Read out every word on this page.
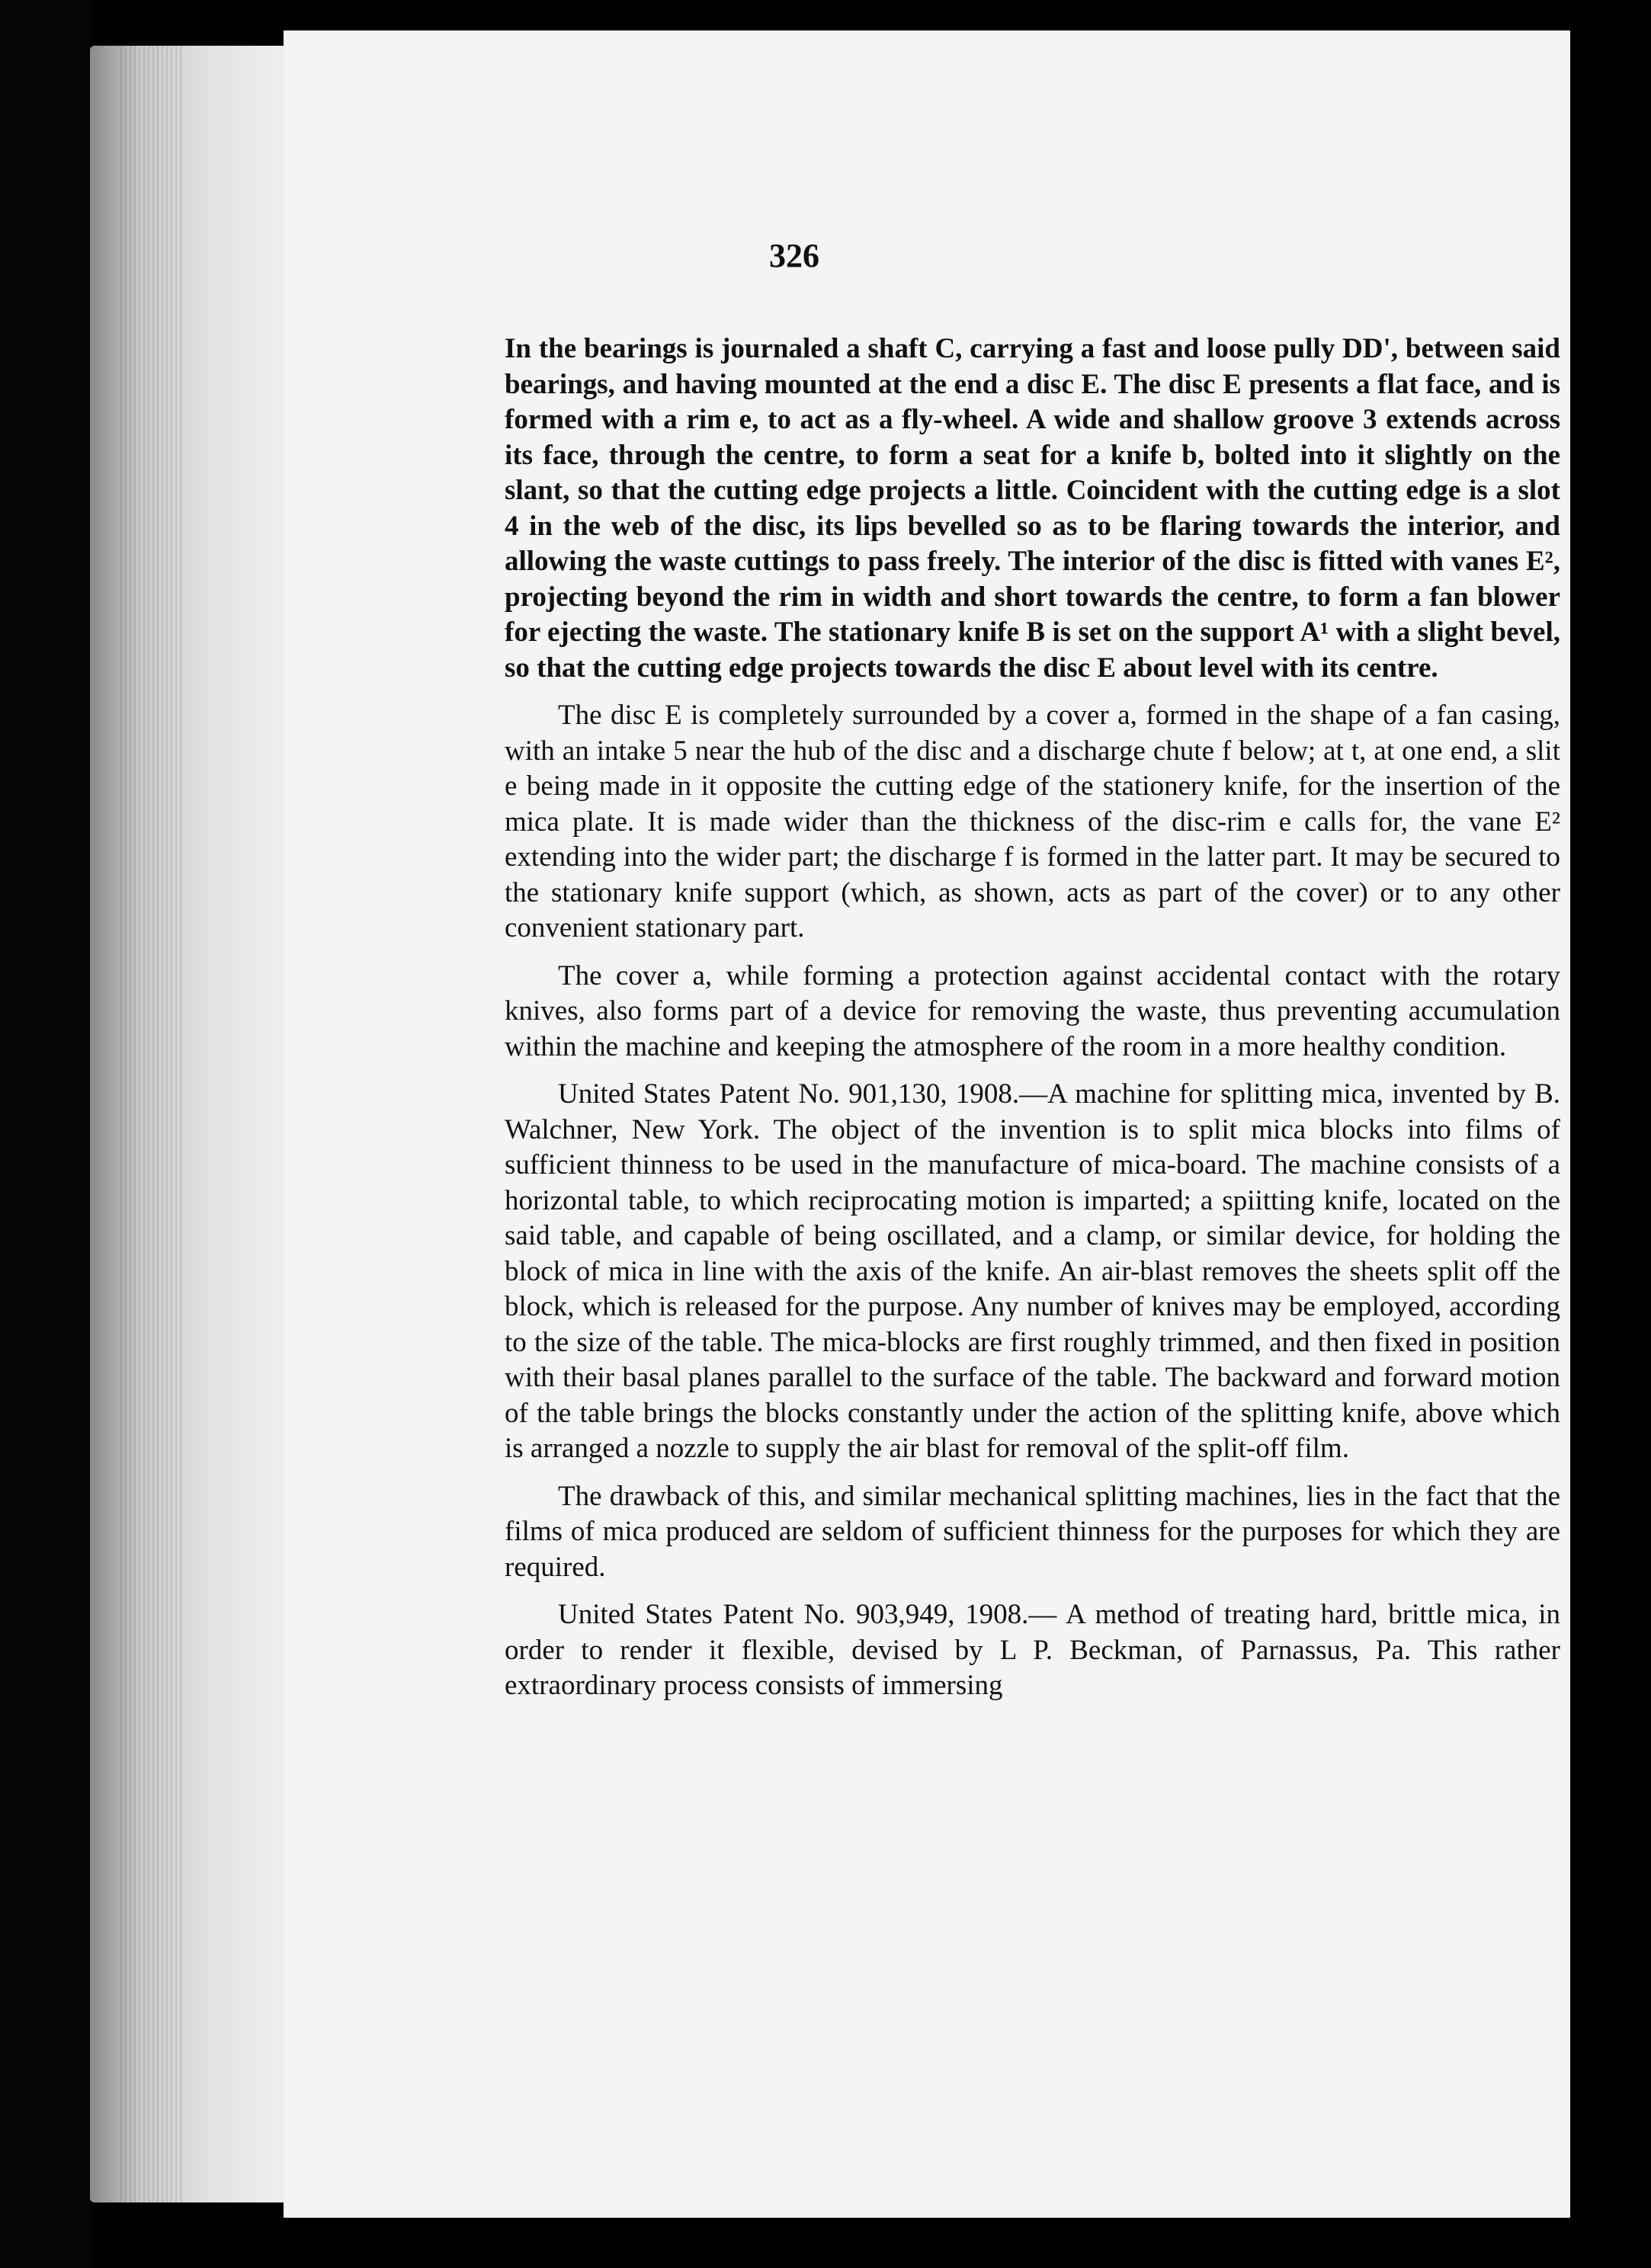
326

In the bearings is journaled a shaft C, carrying a fast and loose pully DD', between said bearings, and having mounted at the end a disc E. The disc E presents a flat face, and is formed with a rim e, to act as a fly-wheel. A wide and shallow groove 3 extends across its face, through the centre, to form a seat for a knife b, bolted into it slightly on the slant, so that the cutting edge projects a little. Coincident with the cutting edge is a slot 4 in the web of the disc, its lips bevelled so as to be flaring towards the interior, and allowing the waste cuttings to pass freely. The interior of the disc is fitted with vanes E², projecting beyond the rim in width and short towards the centre, to form a fan blower for ejecting the waste. The stationary knife B is set on the support A¹ with a slight bevel, so that the cutting edge projects towards the disc E about level with its centre.

The disc E is completely surrounded by a cover a, formed in the shape of a fan casing, with an intake 5 near the hub of the disc and a discharge chute f below; at t, at one end, a slit e being made in it opposite the cutting edge of the stationery knife, for the insertion of the mica plate. It is made wider than the thickness of the disc-rim e calls for, the vane E² extending into the wider part; the discharge f is formed in the latter part. It may be secured to the stationary knife support (which, as shown, acts as part of the cover) or to any other convenient stationary part.

The cover a, while forming a protection against accidental contact with the rotary knives, also forms part of a device for removing the waste, thus preventing accumulation within the machine and keeping the atmosphere of the room in a more healthy condition.

United States Patent No. 901,130, 1908.—A machine for splitting mica, invented by B. Walchner, New York. The object of the invention is to split mica blocks into films of sufficient thinness to be used in the manufacture of mica-board. The machine consists of a horizontal table, to which reciprocating motion is imparted; a spiitting knife, located on the said table, and capable of being oscillated, and a clamp, or similar device, for holding the block of mica in line with the axis of the knife. An air-blast removes the sheets split off the block, which is released for the purpose. Any number of knives may be employed, according to the size of the table. The mica-blocks are first roughly trimmed, and then fixed in position with their basal planes parallel to the surface of the table. The backward and forward motion of the table brings the blocks constantly under the action of the splitting knife, above which is arranged a nozzle to supply the air blast for removal of the split-off film.

The drawback of this, and similar mechanical splitting machines, lies in the fact that the films of mica produced are seldom of sufficient thinness for the purposes for which they are required.

United States Patent No. 903,949, 1908.— A method of treating hard, brittle mica, in order to render it flexible, devised by L P. Beckman, of Parnassus, Pa. This rather extraordinary process consists of immersing
